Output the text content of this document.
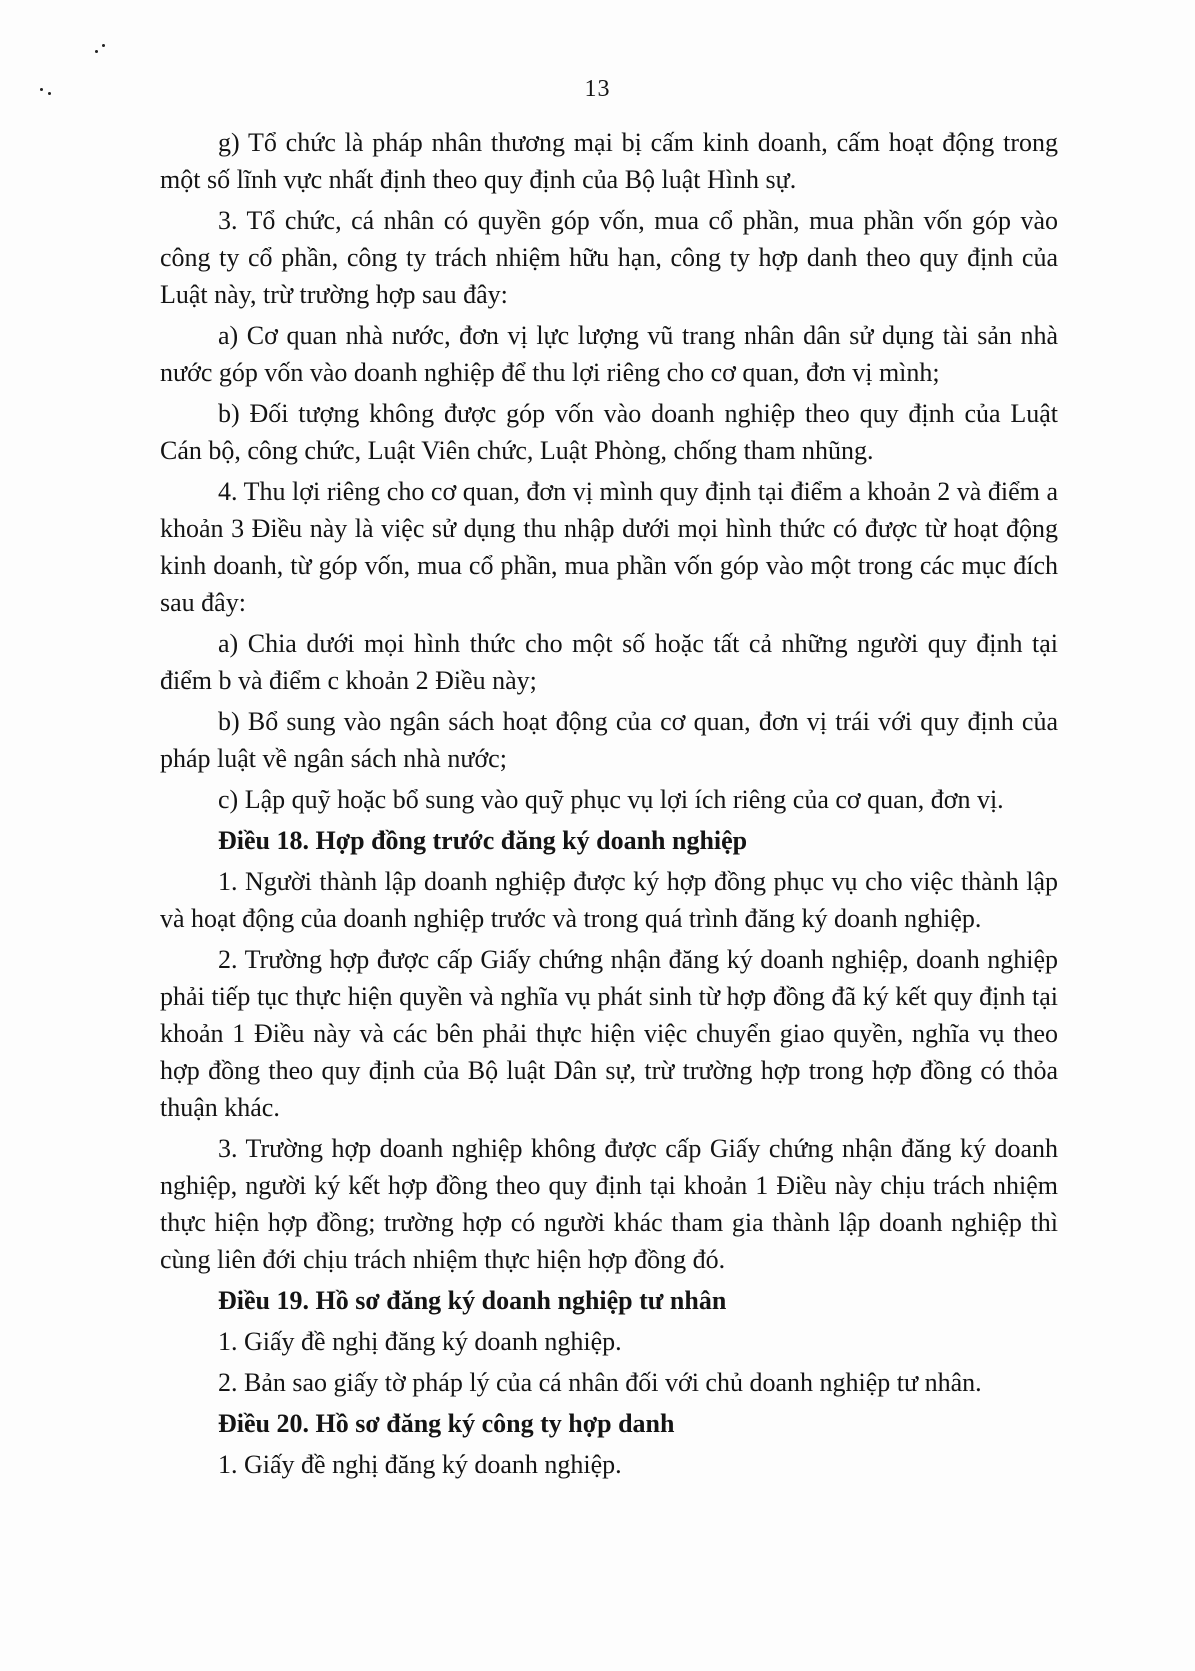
13

g) Tổ chức là pháp nhân thương mại bị cấm kinh doanh, cấm hoạt động trong một số lĩnh vực nhất định theo quy định của Bộ luật Hình sự.

3. Tổ chức, cá nhân có quyền góp vốn, mua cổ phần, mua phần vốn góp vào công ty cổ phần, công ty trách nhiệm hữu hạn, công ty hợp danh theo quy định của Luật này, trừ trường hợp sau đây:

a) Cơ quan nhà nước, đơn vị lực lượng vũ trang nhân dân sử dụng tài sản nhà nước góp vốn vào doanh nghiệp để thu lợi riêng cho cơ quan, đơn vị mình;

b) Đối tượng không được góp vốn vào doanh nghiệp theo quy định của Luật Cán bộ, công chức, Luật Viên chức, Luật Phòng, chống tham nhũng.

4. Thu lợi riêng cho cơ quan, đơn vị mình quy định tại điểm a khoản 2 và điểm a khoản 3 Điều này là việc sử dụng thu nhập dưới mọi hình thức có được từ hoạt động kinh doanh, từ góp vốn, mua cổ phần, mua phần vốn góp vào một trong các mục đích sau đây:

a) Chia dưới mọi hình thức cho một số hoặc tất cả những người quy định tại điểm b và điểm c khoản 2 Điều này;

b) Bổ sung vào ngân sách hoạt động của cơ quan, đơn vị trái với quy định của pháp luật về ngân sách nhà nước;

c) Lập quỹ hoặc bổ sung vào quỹ phục vụ lợi ích riêng của cơ quan, đơn vị.

Điều 18. Hợp đồng trước đăng ký doanh nghiệp

1. Người thành lập doanh nghiệp được ký hợp đồng phục vụ cho việc thành lập và hoạt động của doanh nghiệp trước và trong quá trình đăng ký doanh nghiệp.

2. Trường hợp được cấp Giấy chứng nhận đăng ký doanh nghiệp, doanh nghiệp phải tiếp tục thực hiện quyền và nghĩa vụ phát sinh từ hợp đồng đã ký kết quy định tại khoản 1 Điều này và các bên phải thực hiện việc chuyển giao quyền, nghĩa vụ theo hợp đồng theo quy định của Bộ luật Dân sự, trừ trường hợp trong hợp đồng có thỏa thuận khác.

3. Trường hợp doanh nghiệp không được cấp Giấy chứng nhận đăng ký doanh nghiệp, người ký kết hợp đồng theo quy định tại khoản 1 Điều này chịu trách nhiệm thực hiện hợp đồng; trường hợp có người khác tham gia thành lập doanh nghiệp thì cùng liên đới chịu trách nhiệm thực hiện hợp đồng đó.

Điều 19. Hồ sơ đăng ký doanh nghiệp tư nhân

1. Giấy đề nghị đăng ký doanh nghiệp.

2. Bản sao giấy tờ pháp lý của cá nhân đối với chủ doanh nghiệp tư nhân.

Điều 20. Hồ sơ đăng ký công ty hợp danh

1. Giấy đề nghị đăng ký doanh nghiệp.
